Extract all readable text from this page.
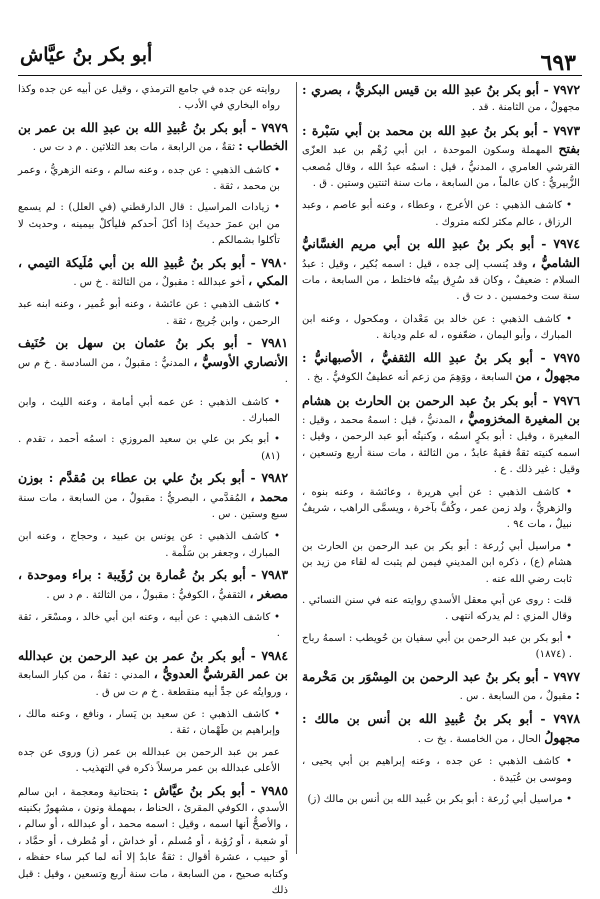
٦٩٣
أبو بكر بنُ عيَّاش
٧٩٧٢ - أبو بكر بنُ عبدِ الله بن قيس البكريُّ ، بصري : مجهولٌ ، من الثامنة . قد .
٧٩٧٣ - أبو بكر بنُ عبدِ الله بن محمد بن أبي سَبْرة : بفتح المهملة وسكون الموحدة ، ابن أبي رُهْم بن عبد العزّى القرشي العامري ، المدنيُّ ، قيل : اسمُه عبدُ الله ، وقال مُصعب الزُّبيريُّ : كان عالماً ، من السابعة ، مات سنة اثنتين وستين . ق .
• كاشف الذهبي : عن الأعرج ، وعطاء ، وعنه أبو عاصم ، وعبد الرزاق ، عالم مكثر لكنه متروك .
٧٩٧٤ - أبو بكر بنُ عبدِ الله بن أبي مريم الغسَّانيُّ الشاميُّ ، وقد يُنسب إلى جده ، قيل : اسمه بُكير ، وقيل : عبدُ السلام : ضعيفٌ ، وكان قد سُرِق بيتُه فاختلط ، من السابعة ، مات سنة ست وخمسين . د ت ق .
• كاشف الذهبي : عن خالد بن مَعْدان ، ومكحول ، وعنه ابن المبارك ، وأبو اليمان ، ضعّفوه ، له علم وديانة .
٧٩٧٥ - أبو بكر بنُ عبدِ الله الثقفيُّ ، الأصبهانيُّ : مجهولٌ ، من السابعة ، ووَهِمَ من زعم أنه عطيفُ الكوفيُّ . بخ .
٧٩٧٦ - أبو بكر بنُ عبد الرحمن بن الحارث بن هشام بن المغيرة المخزوميُّ ، المدنيُّ ، قيل : اسمهُ محمد ، وقيل : المغيرة ، وقيل : أبو بكرٍ اسمُه ، وكنيتُه أبو عبد الرحمن ، وقيل : اسمه كنيته ثقةٌ فقيهٌ عابدٌ ، من الثالثة ، مات سنة أربع وتسعين ، وقيل : غير ذلك . ع .
• كاشف الذهبي : عن أبي هريرة ، وعائشة ، وعنه بنوه ، والزهريُّ ، ولد زمن عمر ، وكُفَّ بآخرة ، ويسمَّى الراهب ، شريفٌ نبيلٌ ، مات ٩٤ .
• مراسيل أبي زُرعة : أبو بكر بن عبد الرحمن بن الحارث بن هشام (ع) ، ذكره ابن المديني فيمن لم يثبت له لقاء من زيد بن ثابت رضي الله عنه .
قلت : روى عن أبي معقل الأسدي روايته عنه في سنن النسائي . وقال المزي : لم يدركه انتهى .
• أبو بكر بن عبد الرحمن بن أبي سفيان بن حُويطب : اسمهُ رباح . (١٨٧٤)
٧٩٧٧ - أبو بكر بنُ عبد الرحمن بن المِسْوَر بن مَخْرمة : مقبولٌ ، من السابعة . س .
٧٩٧٨ - أبو بكر بنُ عُبيدِ الله بن أنس بن مالك : مجهولُ الحال ، من الخامسة . بخ ت .
• كاشف الذهبي : عن جده ، وعنه إبراهيم بن أبي يحيى ، وموسى بن عُبَيدة .
• مراسيل أبي زُرعة : أبو بكر بن عُبيد الله بن أنس بن مالك (ز)
روايته عن جده في جامع الترمذي ، وقيل عن أبيه عن جده وكذا رواه البخاري في الأدب .
٧٩٧٩ - أبو بكر بنُ عُبيدِ الله بن عبدِ الله بن عمر بن الخطاب : ثقةٌ ، من الرابعة ، مات بعد الثلاثين . م د ت س .
• كاشف الذهبي : عن جده ، وعنه سالم ، وعنه الزهريُّ ، وعمر بن محمد ، ثقة .
• زيادات المراسيل : قال الدارقطني (في العلل) : لم يسمع من ابن عمرَ حديثَ إذا أكلَ أحدكم فليأكلْ بيمينه ، وحديث لا تأكلوا بشمالكم .
٧٩٨٠ - أبو بكر بنُ عُبيدِ الله بن أبي مُلَيكة التيمي ، المكي ، أخو عبدالله : مقبولٌ ، من الثالثة . خ س .
• كاشف الذهبي : عن عائشة ، وعنه أبو عُمير ، وعنه ابنه عبد الرحمن ، وابن جُريج ، ثقة .
٧٩٨١ - أبو بكر بنُ عثمان بن سهل بن حُنَيف الأنصاري الأوسيُّ ، المدنيُّ : مقبولٌ ، من السادسة . خ م س .
• كاشف الذهبي : عن عمه أبي أمامة ، وعنه الليث ، وابن المبارك .
• أبو بكر بن علي بن سعيد المروزي : اسمُه أحمد ، تقدم . (٨١)
٧٩٨٢ - أبو بكر بنُ علي بن عطاء بن مُقدَّم : بوزن محمد ، المُقدَّمي ، البصريُّ : مقبولٌ ، من السابعة ، مات سنة سبع وستين . س .
• كاشف الذهبي : عن يونس بن عبيد ، وحجاج ، وعنه ابن المبارك ، وجعفر بن سَلْمة .
٧٩٨٣ - أبو بكر بنُ عُمارة بن رُؤَيبة : براء وموحدة ، مصغر ، الثقفيُّ ، الكوفيُّ : مقبولٌ ، من الثالثة . م د س .
• كاشف الذهبي : عن أبيه ، وعنه ابن أبي خالد ، ومسْعَر ، ثقة .
٧٩٨٤ - أبو بكر بنُ عمر بن عبد الرحمن بن عبدالله بن عمر القرشيُّ العدويُّ ، المدني : ثقةٌ ، من كبار السابعة ، وروايتُه عن جدِّ أبيه منقطعة . خ م ت س ق .
• كاشف الذهبي : عن سعيد بن يَسار ، ونافع ، وعنه مالك ، وإبراهيم بن طَهْمان ، ثقة .
عمر بن عبد الرحمن بن عبدالله بن عمر (ز) وروى عن جده الأعلى عبدالله بن عمر مرسلاً ذكره في التهذيب .
٧٩٨٥ - أبو بكر بنُ عيَّاش : بتحتانية ومعجمة ، ابن سالم الأسدي ، الكوفي المقرئ ، الحناط ، بمهملة ونون ، مشهورٌ بكنيته ، والأصحُّ أنها اسمه ، وقيل : اسمه محمد ، أو عبدالله ، أو سالم ، أو شعبة ، أو رُؤبة ، أو مُسلم ، أو خداش ، أو مُطرف ، أو حمَّاد ، أو حبيب ، عشرة أقوال : ثقةٌ عابدٌ إلا أنه لما كبر ساء حفظه ، وكتابه صحيح ، من السابعة ، مات سنة أربع وتسعين ، وقيل : قبل ذلك
